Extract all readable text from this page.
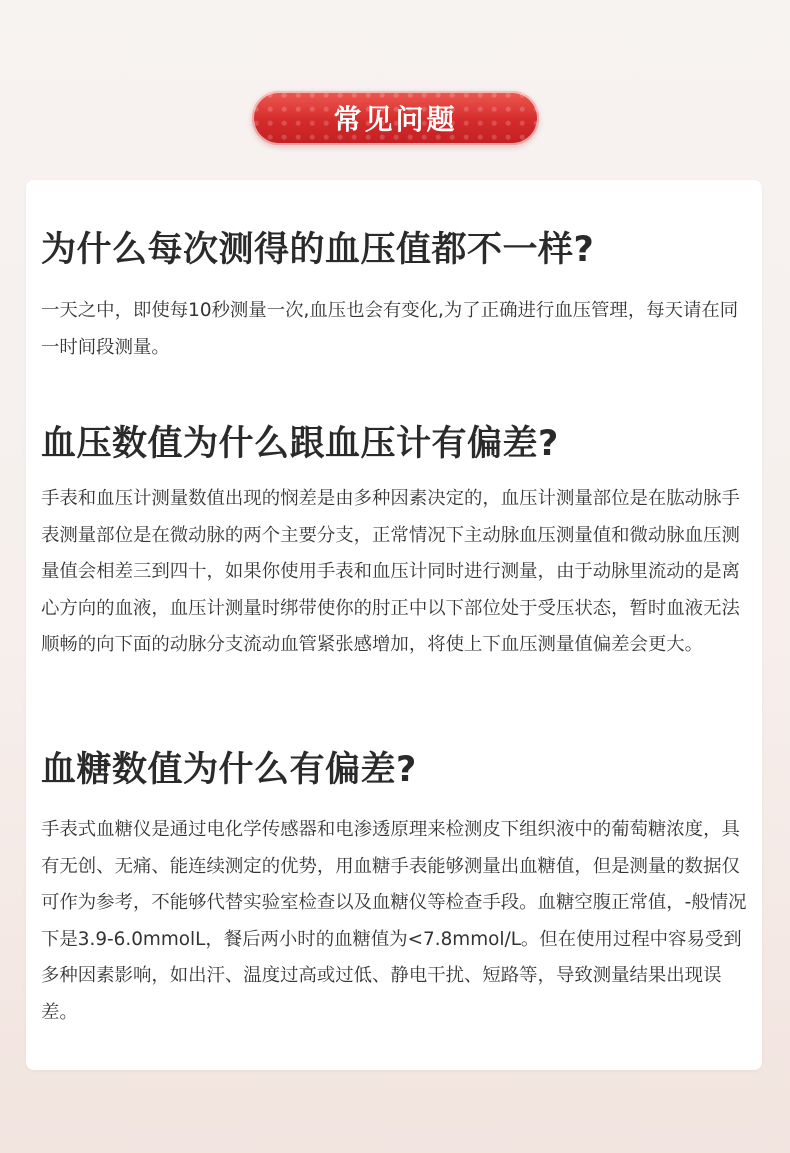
常见问题
为什么每次测得的血压值都不一样?

一天之中，即使每10秒测量一次,血压也会有变化,为了正确进行血压管理，每天请在同一时间段测量。

血压数值为什么跟血压计有偏差?

手表和血压计测量数值出现的悯差是由多种因素决定的，血压计测量部位是在肱动脉手表测量部位是在微动脉的两个主要分支，正常情况下主动脉血压测量值和微动脉血压测量值会相差三到四十，如果你使用手表和血压计同时进行测量，由于动脉里流动的是离心方向的血液，血压计测量时绑带使你的肘正中以下部位处于受压状态，暂时血液无法顺畅的向下面的动脉分支流动血管紧张感增加，将使上下血压测量值偏差会更大。

血糖数值为什么有偏差?

手表式血糖仪是通过电化学传感器和电渗透原理来检测皮下组织液中的葡萄糖浓度，具有无创、无痛、能连续测定的优势，用血糖手表能够测量出血糖值，但是测量的数据仅可作为参考，不能够代替实验室检查以及血糖仪等检查手段。血糖空腹正常值，-般情况下是3.9-6.0mmolL，餐后两小时的血糖值为<7.8mmol/L。但在使用过程中容易受到多种因素影响，如出汗、温度过高或过低、静电干扰、短路等，导致测量结果出现误差。
